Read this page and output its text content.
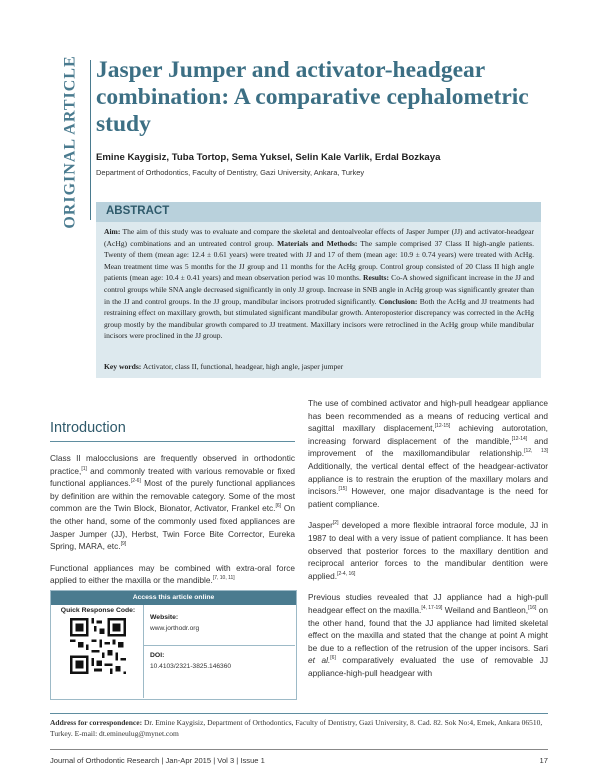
ORIGINAL ARTICLE Jasper Jumper and activator-headgear combination: A comparative cephalometric study
Emine Kaygisiz, Tuba Tortop, Sema Yuksel, Selin Kale Varlik, Erdal Bozkaya
Department of Orthodontics, Faculty of Dentistry, Gazi University, Ankara, Turkey
ABSTRACT
Aim: The aim of this study was to evaluate and compare the skeletal and dentoalveolar effects of Jasper Jumper (JJ) and activator-headgear (AcHg) combinations and an untreated control group. Materials and Methods: The sample comprised 37 Class II high-angle patients. Twenty of them (mean age: 12.4 ± 0.61 years) were treated with JJ and 17 of them (mean age: 10.9 ± 0.74 years) were treated with AcHg. Mean treatment time was 5 months for the JJ group and 11 months for the AcHg group. Control group consisted of 20 Class II high angle patients (mean age: 10.4 ± 0.41 years) and mean observation period was 10 months. Results: Co-A showed significant increase in the JJ and control groups while SNA angle decreased significantly in only JJ group. Increase in SNB angle in AcHg group was significantly greater than in the JJ and control groups. In the JJ group, mandibular incisors protruded significantly. Conclusion: Both the AcHg and JJ treatments had restraining effect on maxillary growth, but stimulated significant mandibular growth. Anteroposterior discrepancy was corrected in the AcHg group mostly by the mandibular growth compared to JJ treatment. Maxillary incisors were retroclined in the AcHg group while mandibular incisors were proclined in the JJ group.
Key words: Activator, class II, functional, headgear, high angle, jasper jumper
Introduction

Class II malocclusions are frequently observed in orthodontic practice,[1] and commonly treated with various removable or fixed functional appliances.[2-6] Most of the purely functional appliances by definition are within the removable category. Some of the most common are the Twin Block, Bionator, Activator, Frankel etc.[6] On the other hand, some of the commonly used fixed appliances are Jasper Jumper (JJ), Herbst, Twin Force Bite Corrector, Eureka Spring, MARA, etc.[9]

Functional appliances may be combined with extra-oral force applied to either the maxilla or the mandible.[7, 10, 11]

Access this article online
Quick Response Code:
Website:
www.jorthodr.org
DOI:
10.4103/2321-3825.146360

The use of combined activator and high-pull headgear appliance has been recommended as a means of reducing vertical and sagittal maxillary displacement,[12-15] achieving autorotation, increasing forward displacement of the mandible,[12-14] and improvement of the maxillomandibular relationship.[12, 13] Additionally, the vertical dental effect of the headgear-activator appliance is to restrain the eruption of the maxillary molars and incisors.[15] However, one major disadvantage is the need for patient compliance.

Jasper[2] developed a more flexible intraoral force module, JJ in 1987 to deal with a very issue of patient compliance. It has been observed that posterior forces to the maxillary dentition and reciprocal anterior forces to the mandibular dentition were applied.[2-4, 16]

Previous studies revealed that JJ appliance had a high-pull headgear effect on the maxilla.[4, 17-19] Weiland and Bantleon,[16] on the other hand, found that the JJ appliance had limited skeletal effect on the maxilla and stated that the change at point A might be due to a reflection of the retrusion of the upper incisors. Sari et al.[6] comparatively evaluated the use of removable JJ appliance-high-pull headgear with

Address for correspondence: Dr. Emine Kaygisiz, Department of Orthodontics, Faculty of Dentistry, Gazi University, 8. Cad. 82. Sok No:4, Emek, Ankara 06510, Turkey. E-mail: dt.emineulug@mynet.com
Journal of Orthodontic Research | Jan-Apr 2015 | Vol 3 | Issue 1	17
